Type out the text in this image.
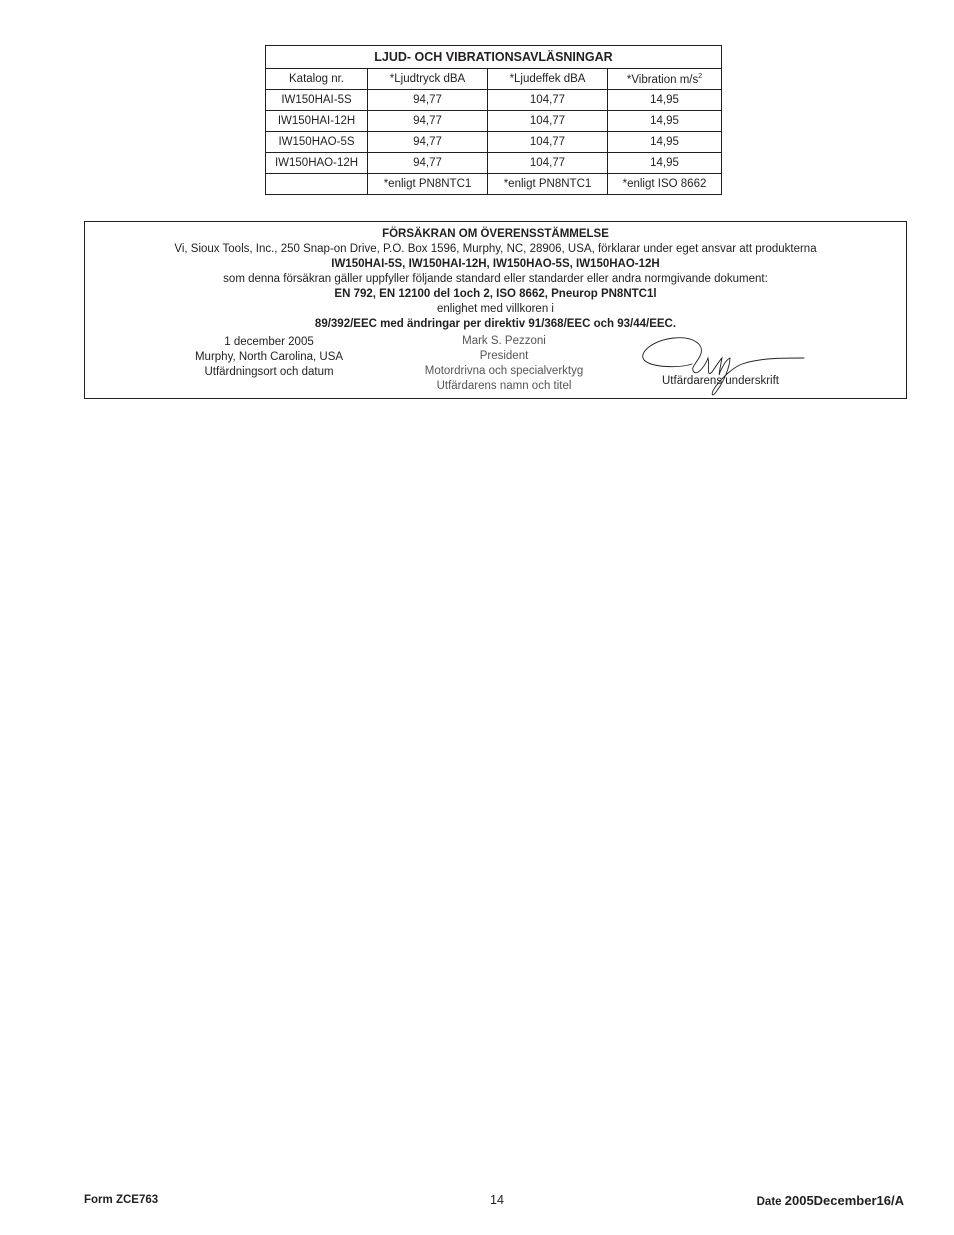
LJUD- OCH VIBRATIONSAVLÄSNINGAR			
Katalog nr.	*Ljudtryck dBA	*Ljudeffek dBA	*Vibration $m/s^2$
IW150HAI-5S	94,77	104,77	14,95
IW150HAI-12H	94,77	104,77	14,95
IW150HAO-5S	94,77	104,77	14,95
IW150HAO-12H	94,77	104,77	14,95
	*enligt PN8NTC1	*enligt PN8NTC1	*enligt ISO 8662
FÖRSÄKRAN OM ÖVERENSSTÄMMELSE
Vi, Sioux Tools, Inc., 250 Snap-on Drive, P.O. Box 1596, Murphy, NC, 28906, USA, förklarar under eget ansvar att produkterna
IW150HAI-5S, IW150HAI-12H, IW150HAO-5S, IW150HAO-12H
som denna försäkran gäller uppfyller följande standard eller standarder eller andra normgivande dokument:
EN 792, EN 12100 del 1och 2, ISO 8662, Pneurop PN8NTC1l
enlighet med villkoren i
89/392/EEC med ändringar per direktiv 91/368/EEC och 93/44/EEC.
1 december 2005
Murphy, North Carolina, USA
Utfärdningsort och datum
Mark S. Pezzoni
President
Motordrivna och specialverktyg
Utfärdarens namn och titel	Utfärdarens underskrift
Form ZCE763	14	Date 2005December16/A
